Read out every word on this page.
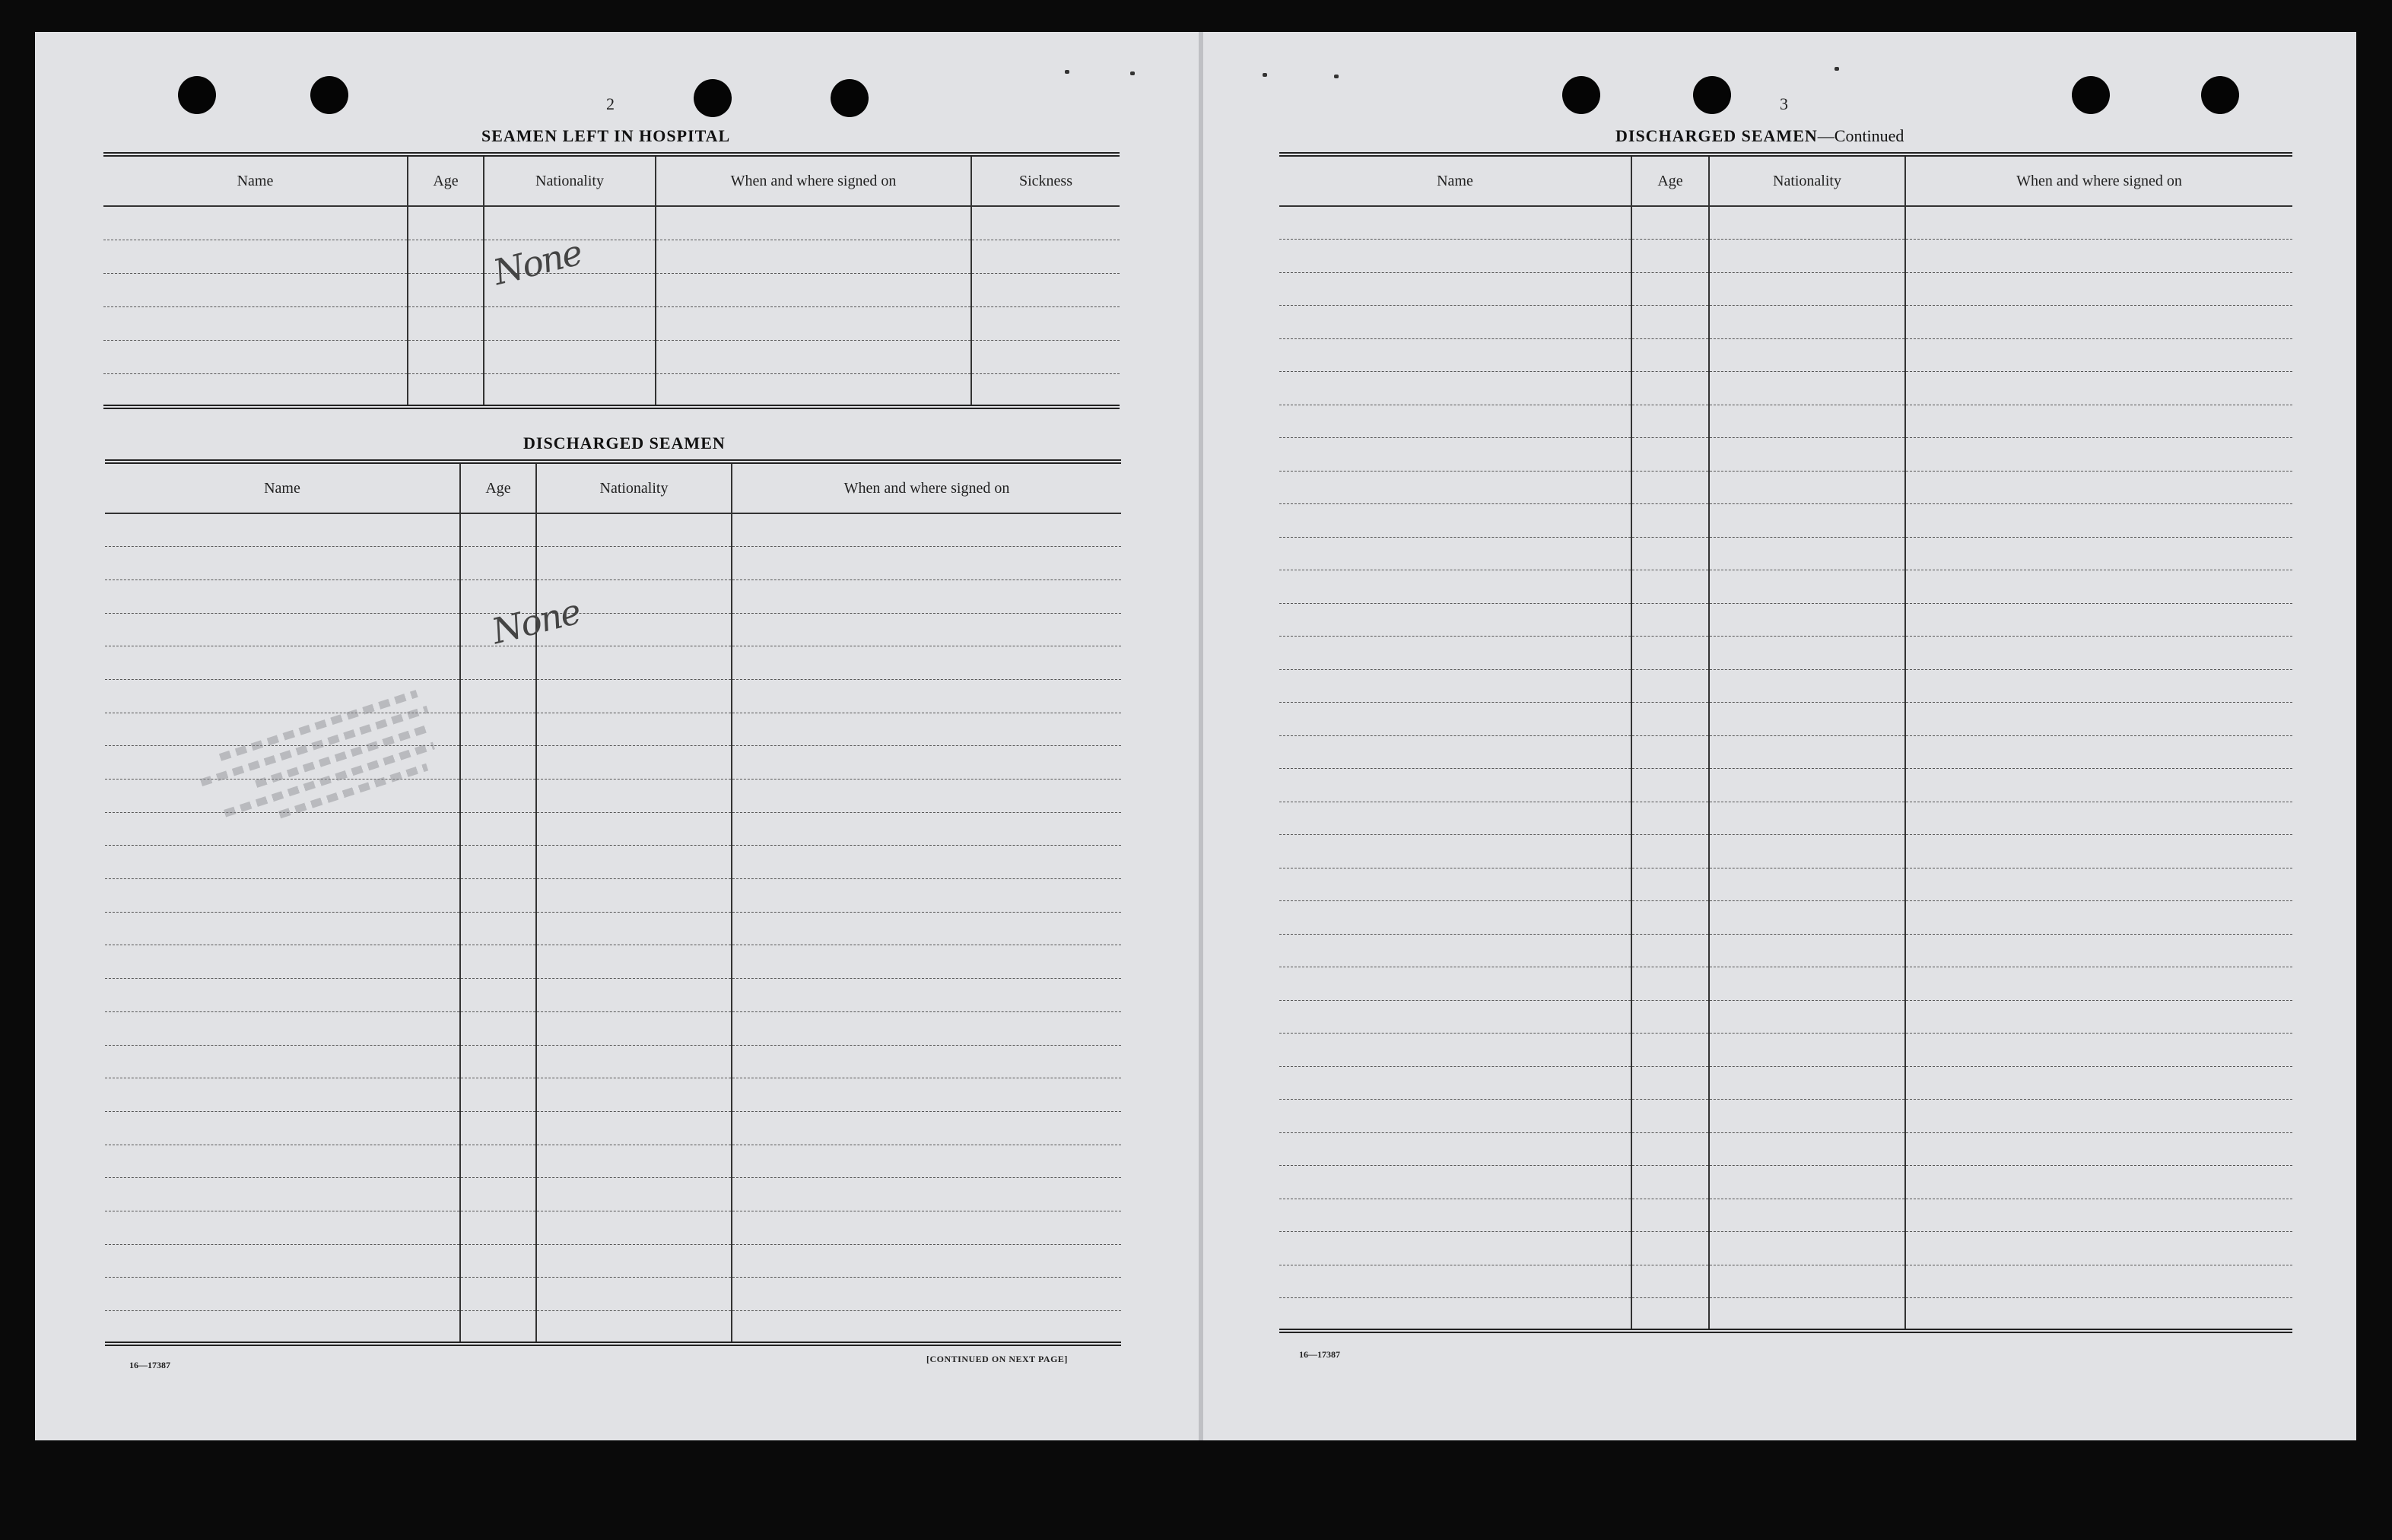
2
SEAMEN LEFT IN HOSPITAL
Name	Age	Nationality	When and where signed on	Sickness

None
DISCHARGED SEAMEN
Name	Age	Nationality	When and where signed on

None
16—17387
[CONTINUED ON NEXT PAGE]
3
DISCHARGED SEAMEN—Continued
Name	Age	Nationality	When and where signed on

16—17387
